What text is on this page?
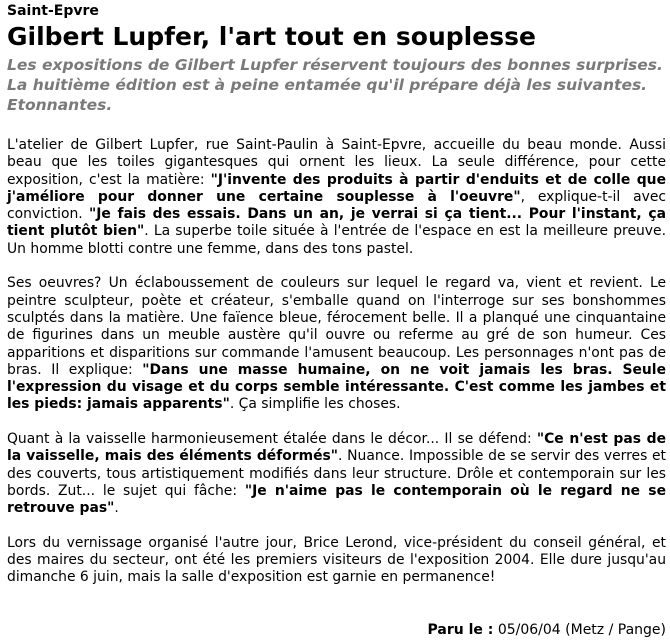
Saint-Epvre
Gilbert Lupfer, l'art tout en souplesse
Les expositions de Gilbert Lupfer réservent toujours des bonnes surprises. La huitième édition est à peine entamée qu'il prépare déjà les suivantes. Etonnantes.

L'atelier de Gilbert Lupfer, rue Saint-Paulin à Saint-Epvre, accueille du beau monde. Aussi beau que les toiles gigantesques qui ornent les lieux. La seule différence, pour cette exposition, c'est la matière: "J'invente des produits à partir d'enduits et de colle que j'améliore pour donner une certaine souplesse à l'oeuvre", explique-t-il avec conviction. "Je fais des essais. Dans un an, je verrai si ça tient... Pour l'instant, ça tient plutôt bien". La superbe toile située à l'entrée de l'espace en est la meilleure preuve. Un homme blotti contre une femme, dans des tons pastel.

Ses oeuvres? Un éclaboussement de couleurs sur lequel le regard va, vient et revient. Le peintre sculpteur, poète et créateur, s'emballe quand on l'interroge sur ses bonshommes sculptés dans la matière. Une faïence bleue, férocement belle. Il a planqué une cinquantaine de figurines dans un meuble austère qu'il ouvre ou referme au gré de son humeur. Ces apparitions et disparitions sur commande l'amusent beaucoup. Les personnages n'ont pas de bras. Il explique: "Dans une masse humaine, on ne voit jamais les bras. Seule l'expression du visage et du corps semble intéressante. C'est comme les jambes et les pieds: jamais apparents". Ça simplifie les choses.

Quant à la vaisselle harmonieusement étalée dans le décor... Il se défend: "Ce n'est pas de la vaisselle, mais des éléments déformés". Nuance. Impossible de se servir des verres et des couverts, tous artistiquement modifiés dans leur structure. Drôle et contemporain sur les bords. Zut... le sujet qui fâche: "Je n'aime pas le contemporain où le regard ne se retrouve pas".

Lors du vernissage organisé l'autre jour, Brice Lerond, vice-président du conseil général, et des maires du secteur, ont été les premiers visiteurs de l'exposition 2004. Elle dure jusqu'au dimanche 6 juin, mais la salle d'exposition est garnie en permanence!

Paru le : 05/06/04 (Metz / Pange)
